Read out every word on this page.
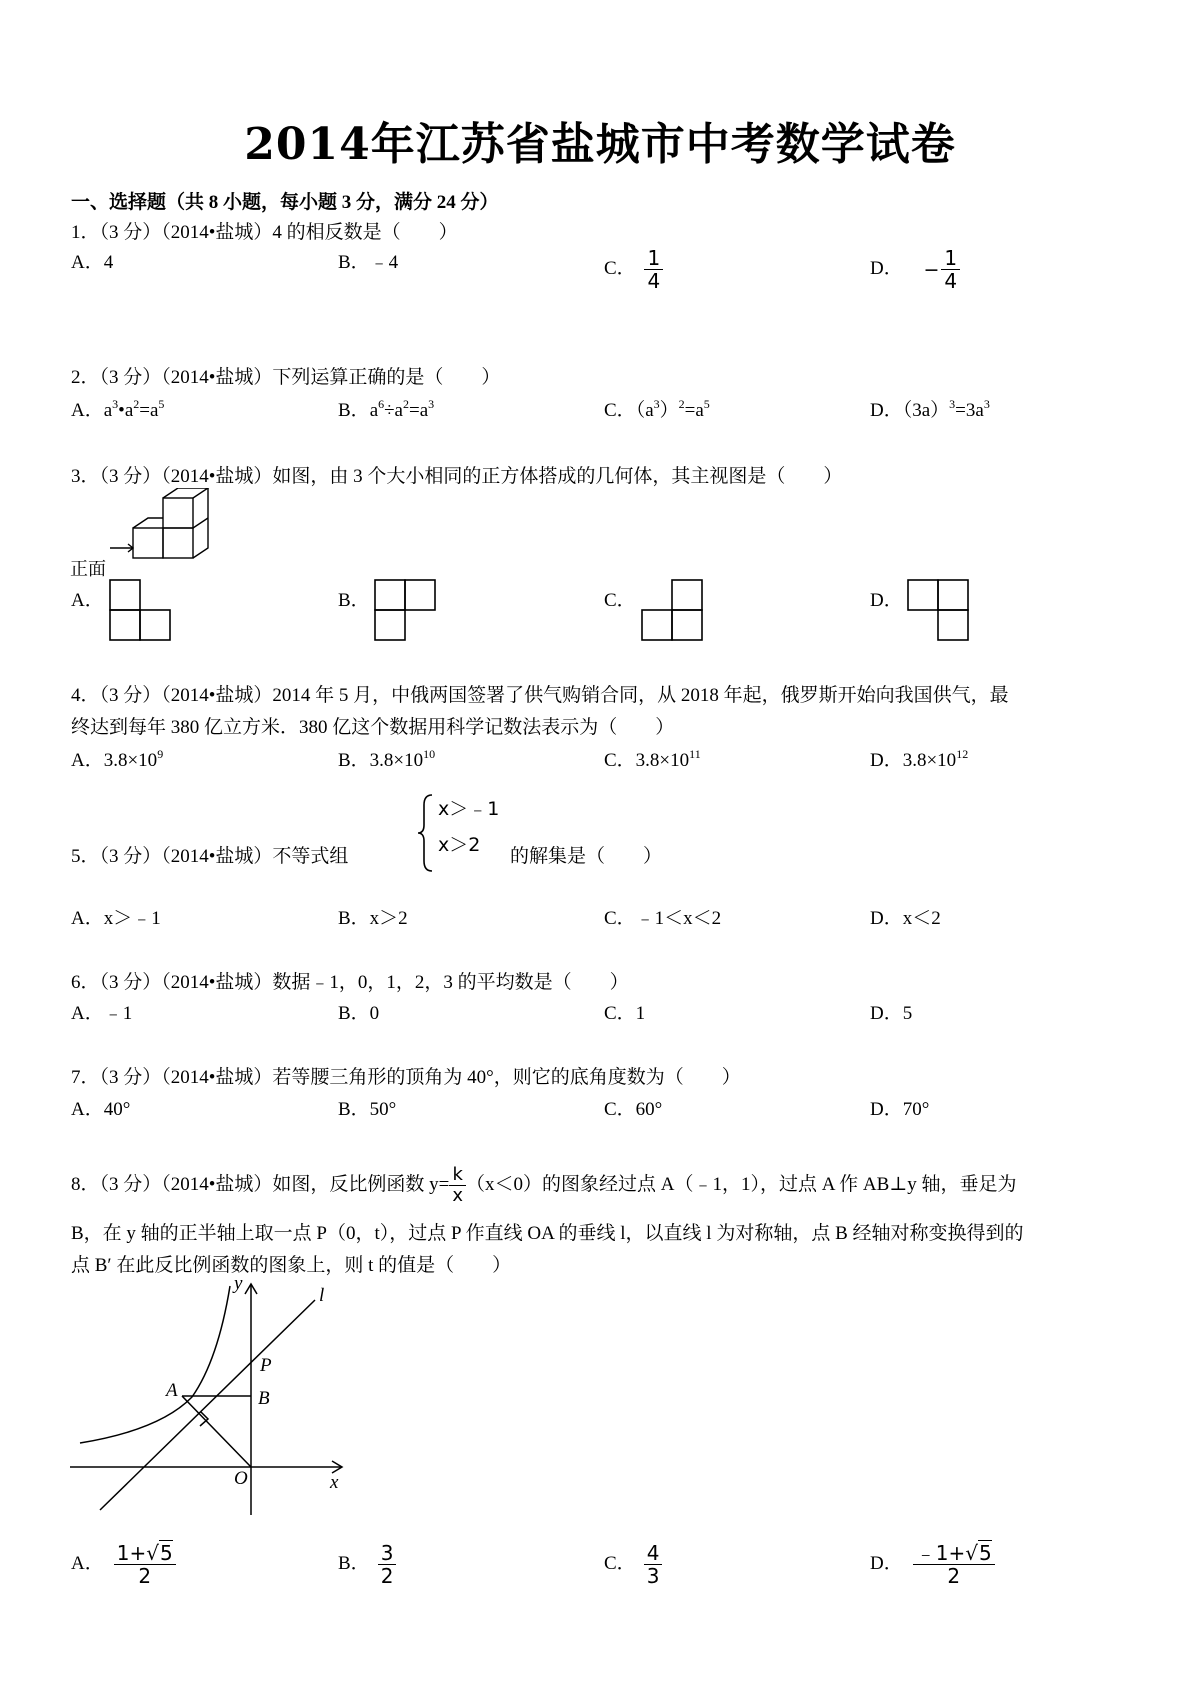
2014年江苏省盐城市中考数学试卷
一、选择题（共 8 小题，每小题 3 分，满分 24 分）
1．（3 分）（2014•盐城）4 的相反数是（　　）
A．4	B．﹣4	C． $\frac{1}{4}$	D． − $\frac{1}{4}$
2．（3 分）（2014•盐城）下列运算正确的是（　　）
A．$a^3•a^2=a^5$	B．$a^6\div a^2=a^3$	C．$(a^3)^2=a^5$	D．$(3a)^3=3a^3$
3．（3 分）（2014•盐城）如图，由 3 个大小相同的正方体搭成的几何体，其主视图是（　　）
正面
A．	B．	C．	D．
4．（3 分）（2014•盐城）2014 年 5 月，中俄两国签署了供气购销合同，从 2018 年起，俄罗斯开始向我国供气，最
终达到每年 380 亿立方米．380 亿这个数据用科学记数法表示为（　　）
A．$3.8\times 10^9$	B．$3.8\times 10^{10}$	C．$3.8\times 10^{11}$	D．$3.8\times 10^{12}$
5．（3 分）（2014•盐城）不等式组
x＞﹣1
x＞2
的解集是（　　）
A．x＞﹣1	B．x＞2	C．﹣1＜x＜2	D．x＜2
6．（3 分）（2014•盐城）数据﹣1，0，1，2，3 的平均数是（　　）
A．﹣1	B．0	C．1	D．5
7．（3 分）（2014•盐城）若等腰三角形的顶角为 40°，则它的底角度数为（　　）
A．40°	B．50°	C．60°	D．70°
8．（3 分）（2014•盐城）如图，反比例函数 $y= \frac{k}{x} (x<0)$的图象经过点 A（﹣1，1），过点 A 作 AB⊥y 轴，垂足为
B，在 y 轴的正半轴上取一点 P（0，t），过点 P 作直线 OA 的垂线 l，以直线 l 为对称轴，点 B 经轴对称变换得到的
点 B′ 在此反比例函数的图象上，则 t 的值是（　　）
y
l
P
A	B
O	x
A． $\frac{1+√5}{2}$	B． $\frac{3}{2}$	C． $\frac{4}{3}$	D． $\frac{﹣1+√5}{2}$
